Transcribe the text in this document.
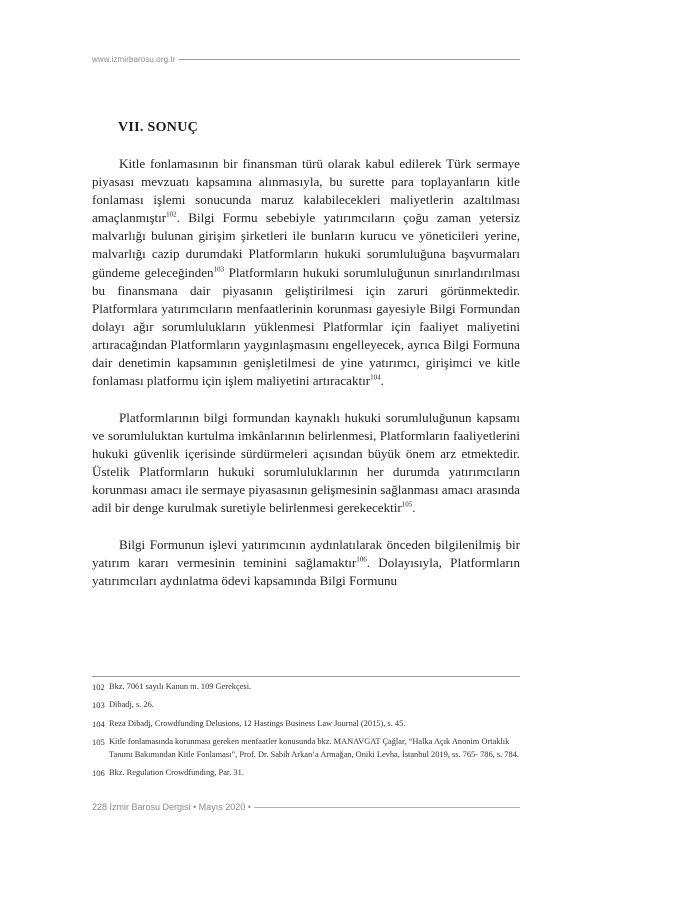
www.izmirbarosu.org.tr
VII. SONUÇ

Kitle fonlamasının bir finansman türü olarak kabul edilerek Türk sermaye piyasası mevzuatı kapsamına alınmasıyla, bu surette para toplayanların kitle fonlaması işlemi sonucunda maruz kalabilecekleri maliyetlerin azaltılması amaçlanmıştır$^{102}$. Bilgi Formu sebebiyle yatırımcıların çoğu zaman yetersiz malvarlığı bulunan girişim şirketleri ile bunların kurucu ve yöneticileri yerine, malvarlığı cazip durumdaki Platformların hukuki sorumluluğuna başvurmaları gündeme geleceğinden$^{103}$ Platformların hukuki sorumluluğunun sınırlandırılması bu finansmana dair piyasanın geliştirilmesi için zaruri görünmektedir. Platformlara yatırımcıların menfaatlerinin korunması gayesiyle Bilgi Formundan dolayı ağır sorumlulukların yüklenmesi Platformlar için faaliyet maliyetini artıracağından Platformların yaygınlaşmasını engelleyecek, ayrıca Bilgi Formuna dair denetimin kapsamının genişletilmesi de yine yatırımcı, girişimci ve kitle fonlaması platformu için işlem maliyetini artıracaktır$^{104}$.

Platformlarının bilgi formundan kaynaklı hukuki sorumluluğunun kapsamı ve sorumluluktan kurtulma imkânlarının belirlenmesi, Platformların faaliyetlerini hukuki güvenlik içerisinde sürdürmeleri açısından büyük önem arz etmektedir. Üstelik Platformların hukuki sorumluluklarının her durumda yatırımcıların korunması amacı ile sermaye piyasasının gelişmesinin sağlanması amacı arasında adil bir denge kurulmak suretiyle belirlenmesi gerekecektir$^{105}$.

Bilgi Formunun işlevi yatırımcının aydınlatılarak önceden bilgilenilmiş bir yatırım kararı vermesinin teminini sağlamaktır$^{106}$. Dolayısıyla, Platformların yatırımcıları aydınlatma ödevi kapsamında Bilgi Formunu

102 Bkz. 7061 sayılı Kanun m. 109 Gerekçesi.
103 Dibadj, s. 26.
104 Reza Dibadj, Crowdfunding Delusions, 12 Hastings Business Law Journal (2015), s. 45.
105 Kitle fonlamasında korunması gereken menfaatler konusunda bkz. MANAVGAT Çağlar, “Halka Açık Anonim Ortaklık Tanımı Bakımından Kitle Fonlaması”, Prof. Dr. Sabih Arkan’a Armağan, Oniki Levha, İstanbul 2019, ss. 765- 786, s. 784.
106 Bkz. Regulation Crowdfunding, Par. 31.
228 İzmir Barosu Dergisi • Mayıs 2020 •
